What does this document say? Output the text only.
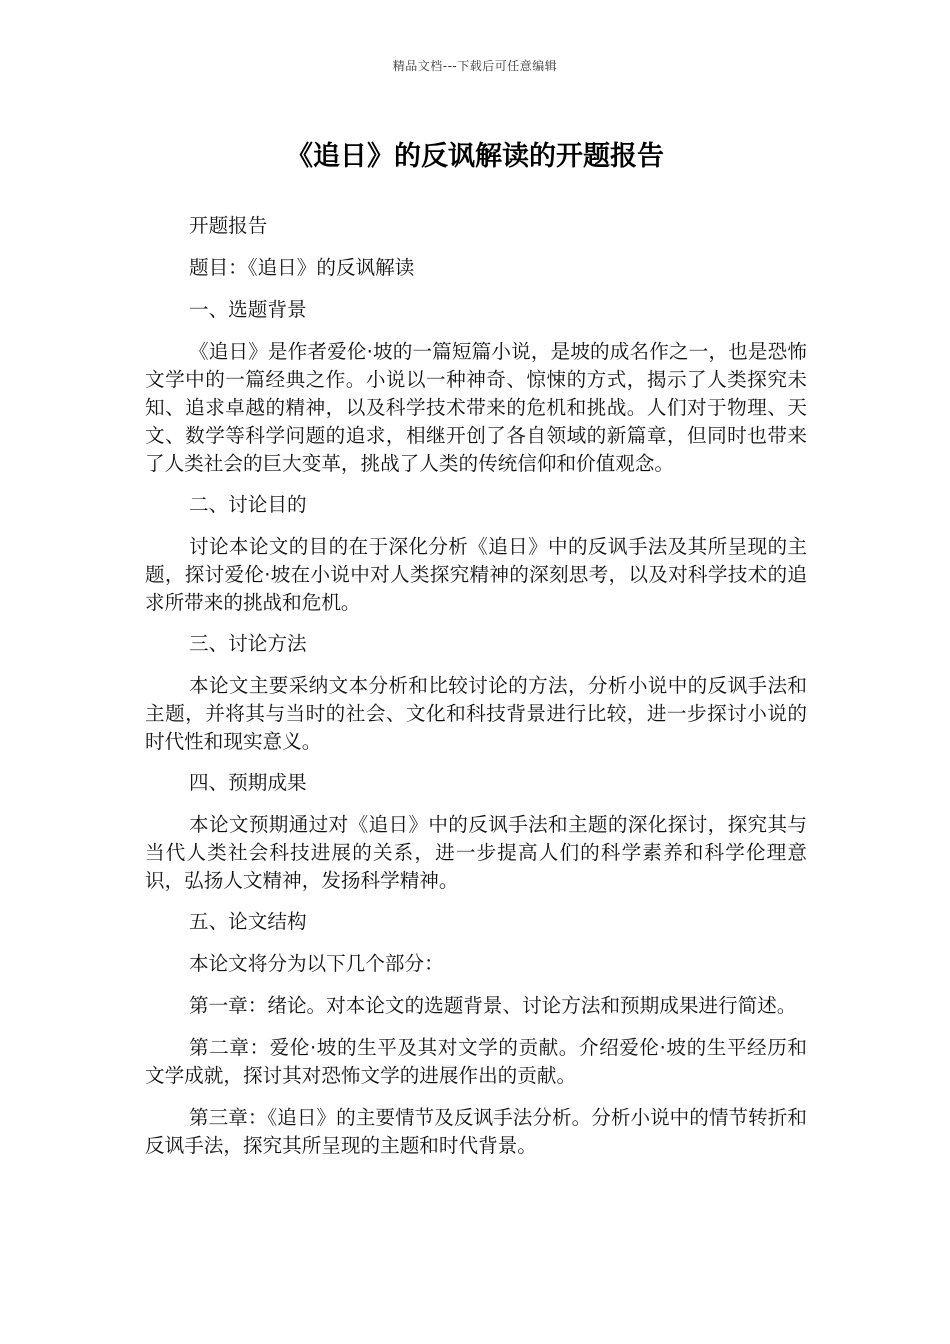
精品文档---下载后可任意编辑
《追日》的反讽解读的开题报告

开题报告

题目：《追日》的反讽解读

一、选题背景

《追日》是作者爱伦·坡的一篇短篇小说，是坡的成名作之一，也是恐怖文学中的一篇经典之作。小说以一种神奇、惊悚的方式，揭示了人类探究未知、追求卓越的精神，以及科学技术带来的危机和挑战。人们对于物理、天文、数学等科学问题的追求，相继开创了各自领域的新篇章，但同时也带来了人类社会的巨大变革，挑战了人类的传统信仰和价值观念。

二、讨论目的

讨论本论文的目的在于深化分析《追日》中的反讽手法及其所呈现的主题，探讨爱伦·坡在小说中对人类探究精神的深刻思考，以及对科学技术的追求所带来的挑战和危机。

三、讨论方法

本论文主要采纳文本分析和比较讨论的方法，分析小说中的反讽手法和主题，并将其与当时的社会、文化和科技背景进行比较，进一步探讨小说的时代性和现实意义。

四、预期成果

本论文预期通过对《追日》中的反讽手法和主题的深化探讨，探究其与当代人类社会科技进展的关系，进一步提高人们的科学素养和科学伦理意识，弘扬人文精神，发扬科学精神。

五、论文结构

本论文将分为以下几个部分：

第一章：绪论。对本论文的选题背景、讨论方法和预期成果进行简述。

第二章：爱伦·坡的生平及其对文学的贡献。介绍爱伦·坡的生平经历和文学成就，探讨其对恐怖文学的进展作出的贡献。

第三章：《追日》的主要情节及反讽手法分析。分析小说中的情节转折和反讽手法，探究其所呈现的主题和时代背景。
